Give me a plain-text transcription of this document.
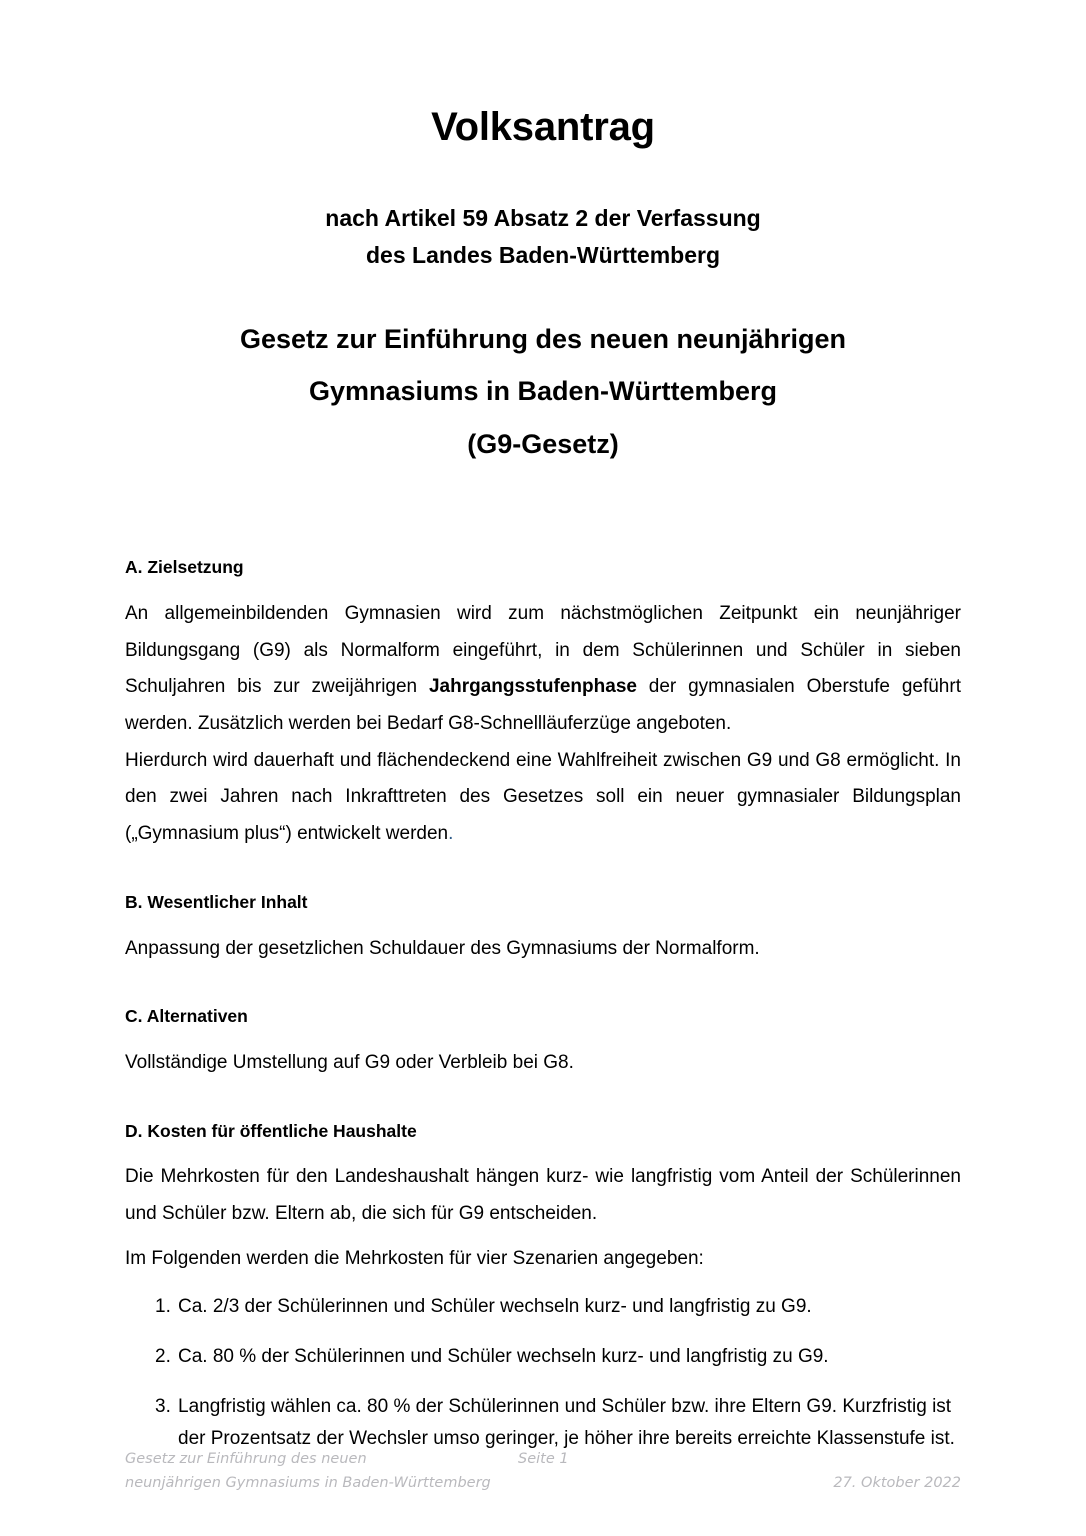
Volksantrag
nach Artikel 59 Absatz 2 der Verfassung
des Landes Baden-Württemberg
Gesetz zur Einführung des neuen neunjährigen
Gymnasiums in Baden-Württemberg
(G9-Gesetz)
A. Zielsetzung

An allgemeinbildenden Gymnasien wird zum nächstmöglichen Zeitpunkt ein neunjähriger Bildungsgang (G9) als Normalform eingeführt, in dem Schülerinnen und Schüler in sieben Schuljahren bis zur zweijährigen Jahrgangsstufenphase der gymnasialen Oberstufe geführt werden. Zusätzlich werden bei Bedarf G8-Schnellläuferzüge angeboten.

Hierdurch wird dauerhaft und flächendeckend eine Wahlfreiheit zwischen G9 und G8 ermöglicht. In den zwei Jahren nach Inkrafttreten des Gesetzes soll ein neuer gymnasialer Bildungsplan („Gymnasium plus“) entwickelt werden.

B. Wesentlicher Inhalt

Anpassung der gesetzlichen Schuldauer des Gymnasiums der Normalform.

C. Alternativen

Vollständige Umstellung auf G9 oder Verbleib bei G8.

D. Kosten für öffentliche Haushalte

Die Mehrkosten für den Landeshaushalt hängen kurz- wie langfristig vom Anteil der Schülerinnen und Schüler bzw. Eltern ab, die sich für G9 entscheiden.

Im Folgenden werden die Mehrkosten für vier Szenarien angegeben:

1. Ca. 2/3 der Schülerinnen und Schüler wechseln kurz- und langfristig zu G9.
2. Ca. 80 % der Schülerinnen und Schüler wechseln kurz- und langfristig zu G9.
3. Langfristig wählen ca. 80 % der Schülerinnen und Schüler bzw. ihre Eltern G9. Kurzfristig ist der Prozentsatz der Wechsler umso geringer, je höher ihre bereits erreichte Klassenstufe ist.
Gesetz zur Einführung des neuen	Seite 1
neunjährigen Gymnasiums in Baden-Württemberg	27. Oktober 2022
